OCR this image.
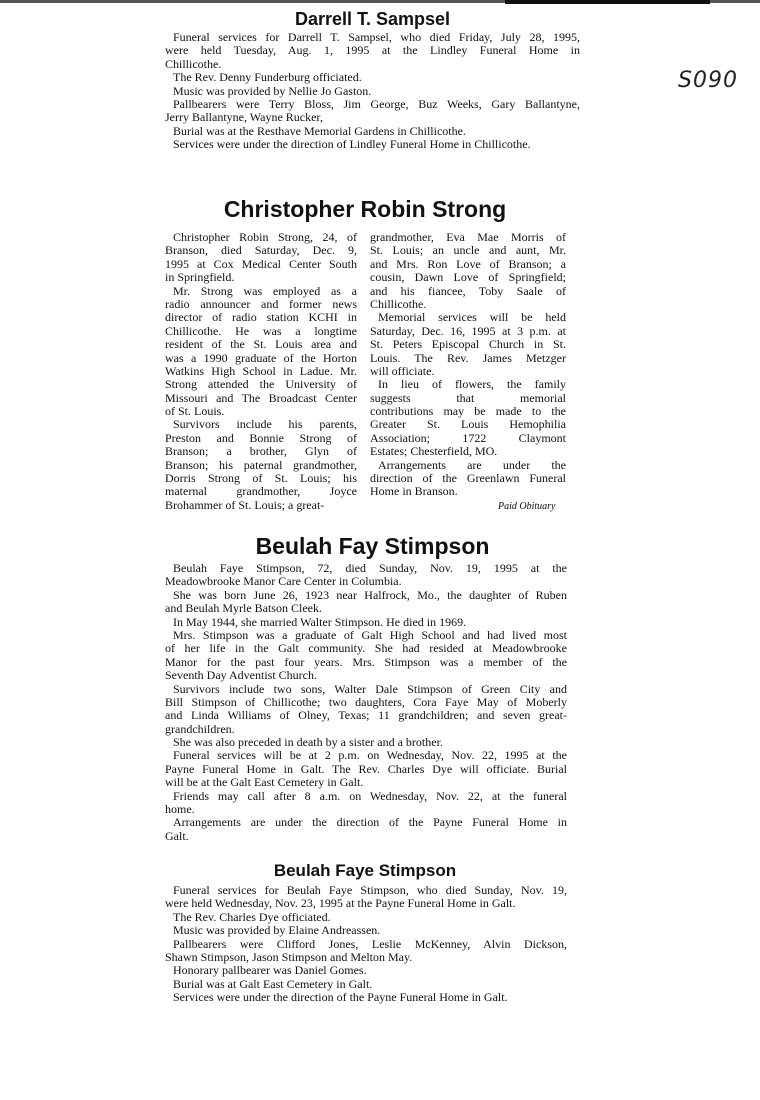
S090
Darrell T. Sampsel
Funeral services for Darrell T. Sampsel, who died Friday, July 28, 1995,
were held Tuesday, Aug. 1, 1995 at the Lindley Funeral Home in
Chillicothe.
The Rev. Denny Funderburg officiated.
Music was provided by Nellie Jo Gaston.
Pallbearers were Terry Bloss, Jim George, Buz Weeks, Gary Ballantyne,
Jerry Ballantyne, Wayne Rucker,
Burial was at the Resthave Memorial Gardens in Chillicothe.
Services were under the direction of Lindley Funeral Home in Chillicothe.
Christopher Robin Strong
Christopher Robin Strong, 24, of
Branson, died Saturday, Dec. 9,
1995 at Cox Medical Center South
in Springfield.
Mr. Strong was employed as a
radio announcer and former news
director of radio station KCHI in
Chillicothe. He was a longtime
resident of the St. Louis area and
was a 1990 graduate of the Horton
Watkins High School in Ladue. Mr.
Strong attended the University of
Missouri and The Broadcast Center
of St. Louis.
Survivors include his parents,
Preston and Bonnie Strong of
Branson; a brother, Glyn of
Branson; his paternal grandmother,
Dorris Strong of St. Louis; his
maternal grandmother, Joyce
Brohammer of St. Louis; a great-
grandmother, Eva Mae Morris of
St. Louis; an uncle and aunt, Mr.
and Mrs. Ron Love of Branson; a
cousin, Dawn Love of Springfield;
and his fiancee, Toby Saale of
Chillicothe.
Memorial services will be held
Saturday, Dec. 16, 1995 at 3 p.m. at
St. Peters Episcopal Church in St.
Louis. The Rev. James Metzger
will officiate.
In lieu of flowers, the family
suggests that memorial
contributions may be made to the
Greater St. Louis Hemophilia
Association; 1722 Claymont
Estates; Chesterfield, MO.
Arrangements are under the
direction of the Greenlawn Funeral
Home in Branson.
Paid Obituary
Beulah Fay Stimpson
Beulah Faye Stimpson, 72, died Sunday, Nov. 19, 1995 at the
Meadowbrooke Manor Care Center in Columbia.
She was born June 26, 1923 near Halfrock, Mo., the daughter of Ruben
and Beulah Myrle Batson Cleek.
In May 1944, she married Walter Stimpson. He died in 1969.
Mrs. Stimpson was a graduate of Galt High School and had lived most
of her life in the Galt community. She had resided at Meadowbrooke
Manor for the past four years. Mrs. Stimpson was a member of the
Seventh Day Adventist Church.
Survivors include two sons, Walter Dale Stimpson of Green City and
Bill Stimpson of Chillicothe; two daughters, Cora Faye May of Moberly
and Linda Williams of Olney, Texas; 11 grandchildren; and seven great-
grandchildren.
She was also preceded in death by a sister and a brother.
Funeral services will be at 2 p.m. on Wednesday, Nov. 22, 1995 at the
Payne Funeral Home in Galt. The Rev. Charles Dye will officiate. Burial
will be at the Galt East Cemetery in Galt.
Friends may call after 8 a.m. on Wednesday, Nov. 22, at the funeral
home.
Arrangements are under the direction of the Payne Funeral Home in
Galt.
Beulah Faye Stimpson
Funeral services for Beulah Faye Stimpson, who died Sunday, Nov. 19,
were held Wednesday, Nov. 23, 1995 at the Payne Funeral Home in Galt.
The Rev. Charles Dye officiated.
Music was provided by Elaine Andreassen.
Pallbearers were Clifford Jones, Leslie McKenney, Alvin Dickson,
Shawn Stimpson, Jason Stimpson and Melton May.
Honorary pallbearer was Daniel Gomes.
Burial was at Galt East Cemetery in Galt.
Services were under the direction of the Payne Funeral Home in Galt.
